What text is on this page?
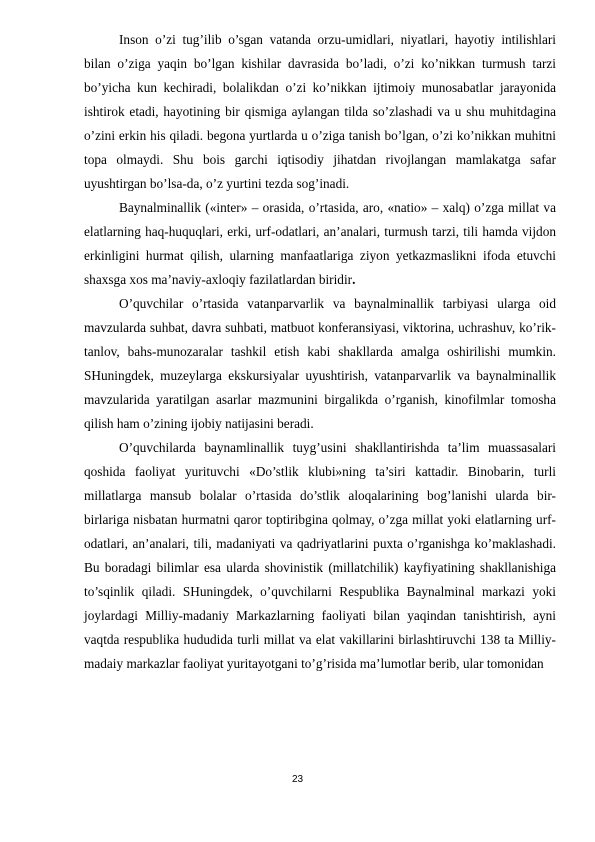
Inson o’zi tug’ilib o’sgan vatanda orzu-umidlari, niyatlari, hayotiy intilishlari bilan o’ziga yaqin bo’lgan kishilar davrasida bo’ladi, o’zi ko’nikkan turmush tarzi bo’yicha kun kechiradi, bolalikdan o’zi ko’nikkan ijtimoiy munosabatlar jarayonida ishtirok etadi, hayotining bir qismiga aylangan tilda so’zlashadi va u shu muhitdagina o’zini erkin his qiladi. begona yurtlarda u o’ziga tanish bo’lgan, o’zi ko’nikkan muhitni topa olmaydi. Shu bois garchi iqtisodiy jihatdan rivojlangan mamlakatga safar uyushtirgan bo’lsa-da, o’z yurtini tezda sog’inadi.

Baynalminallik («inter» – orasida, o’rtasida, aro, «natio» – xalq) o’zga millat va elatlarning haq-huquqlari, erki, urf-odatlari, an’analari, turmush tarzi, tili hamda vijdon erkinligini hurmat qilish, ularning manfaatlariga ziyon yetkazmaslikni ifoda etuvchi shaxsga xos ma’naviy-axloqiy fazilatlardan biridir.

O’quvchilar o’rtasida vatanparvarlik va baynalminallik tarbiyasi ularga oid mavzularda suhbat, davra suhbati, matbuot konferansiyasi, viktorina, uchrashuv, ko’rik-tanlov, bahs-munozaralar tashkil etish kabi shakllarda amalga oshirilishi mumkin. SHuningdek, muzeylarga ekskursiyalar uyushtirish, vatanparvarlik va baynalminallik mavzularida yaratilgan asarlar mazmunini birgalikda o’rganish, kinofilmlar tomosha qilish ham o’zining ijobiy natijasini beradi.

O’quvchilarda baynamlinallik tuyg’usini shakllantirishda ta’lim muassasalari qoshida faoliyat yurituvchi «Do’stlik klubi»ning ta’siri kattadir. Binobarin, turli millatlarga mansub bolalar o’rtasida do’stlik aloqalarining bog’lanishi ularda bir-birlariga nisbatan hurmatni qaror toptiribgina qolmay, o’zga millat yoki elatlarning urf-odatlari, an’analari, tili, madaniyati va qadriyatlarini puxta o’rganishga ko’maklashadi. Bu boradagi bilimlar esa ularda shovinistik (millatchilik) kayfiyatining shakllanishiga to’sqinlik qiladi. SHuningdek, o’quvchilarni Respublika Baynalminal markazi yoki joylardagi Milliy-madaniy Markazlarning faoliyati bilan yaqindan tanishtirish, ayni vaqtda respublika hududida turli millat va elat vakillarini birlashtiruvchi 138 ta Milliy-madaiy markazlar faoliyat yuritayotgani to’g’risida ma’lumotlar berib, ular tomonidan

23
